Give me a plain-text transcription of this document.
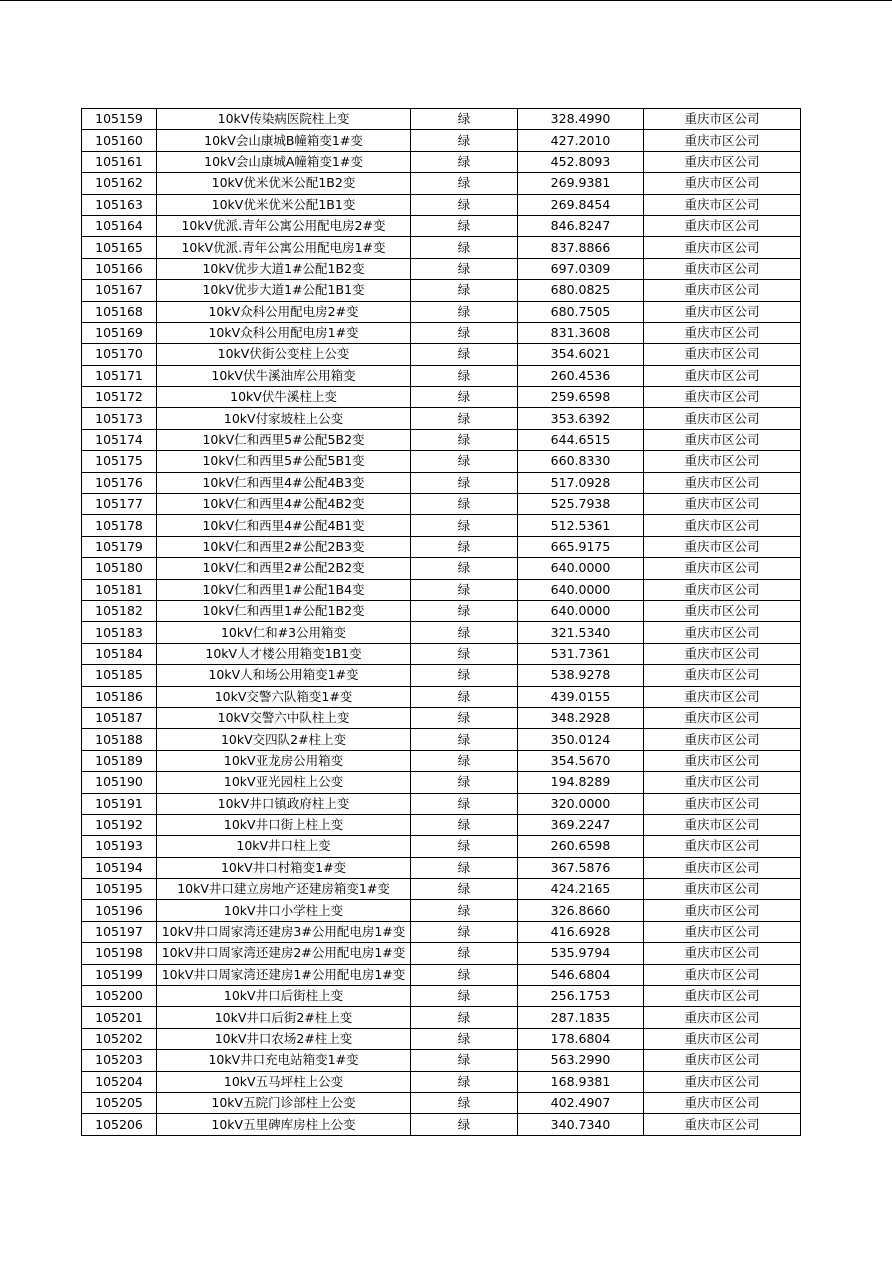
105159	10kV传染病医院柱上变	绿	328.4990	重庆市区公司
105160	10kV会山康城B幢箱变1#变	绿	427.2010	重庆市区公司
105161	10kV会山康城A幢箱变1#变	绿	452.8093	重庆市区公司
105162	10kV优米优米公配1B2变	绿	269.9381	重庆市区公司
105163	10kV优米优米公配1B1变	绿	269.8454	重庆市区公司
105164	10kV优派.青年公寓公用配电房2#变	绿	846.8247	重庆市区公司
105165	10kV优派.青年公寓公用配电房1#变	绿	837.8866	重庆市区公司
105166	10kV优步大道1#公配1B2变	绿	697.0309	重庆市区公司
105167	10kV优步大道1#公配1B1变	绿	680.0825	重庆市区公司
105168	10kV众科公用配电房2#变	绿	680.7505	重庆市区公司
105169	10kV众科公用配电房1#变	绿	831.3608	重庆市区公司
105170	10kV伏街公变柱上公变	绿	354.6021	重庆市区公司
105171	10kV伏牛溪油库公用箱变	绿	260.4536	重庆市区公司
105172	10kV伏牛溪柱上变	绿	259.6598	重庆市区公司
105173	10kV付家坡柱上公变	绿	353.6392	重庆市区公司
105174	10kV仁和西里5#公配5B2变	绿	644.6515	重庆市区公司
105175	10kV仁和西里5#公配5B1变	绿	660.8330	重庆市区公司
105176	10kV仁和西里4#公配4B3变	绿	517.0928	重庆市区公司
105177	10kV仁和西里4#公配4B2变	绿	525.7938	重庆市区公司
105178	10kV仁和西里4#公配4B1变	绿	512.5361	重庆市区公司
105179	10kV仁和西里2#公配2B3变	绿	665.9175	重庆市区公司
105180	10kV仁和西里2#公配2B2变	绿	640.0000	重庆市区公司
105181	10kV仁和西里1#公配1B4变	绿	640.0000	重庆市区公司
105182	10kV仁和西里1#公配1B2变	绿	640.0000	重庆市区公司
105183	10kV仁和#3公用箱变	绿	321.5340	重庆市区公司
105184	10kV人才楼公用箱变1B1变	绿	531.7361	重庆市区公司
105185	10kV人和场公用箱变1#变	绿	538.9278	重庆市区公司
105186	10kV交警六队箱变1#变	绿	439.0155	重庆市区公司
105187	10kV交警六中队柱上变	绿	348.2928	重庆市区公司
105188	10kV交四队2#柱上变	绿	350.0124	重庆市区公司
105189	10kV亚龙房公用箱变	绿	354.5670	重庆市区公司
105190	10kV亚光园柱上公变	绿	194.8289	重庆市区公司
105191	10kV井口镇政府柱上变	绿	320.0000	重庆市区公司
105192	10kV井口街上柱上变	绿	369.2247	重庆市区公司
105193	10kV井口柱上变	绿	260.6598	重庆市区公司
105194	10kV井口村箱变1#变	绿	367.5876	重庆市区公司
105195	10kV井口建立房地产还建房箱变1#变	绿	424.2165	重庆市区公司
105196	10kV井口小学柱上变	绿	326.8660	重庆市区公司
105197	10kV井口周家湾还建房3#公用配电房1#变	绿	416.6928	重庆市区公司
105198	10kV井口周家湾还建房2#公用配电房1#变	绿	535.9794	重庆市区公司
105199	10kV井口周家湾还建房1#公用配电房1#变	绿	546.6804	重庆市区公司
105200	10kV井口后街柱上变	绿	256.1753	重庆市区公司
105201	10kV井口后街2#柱上变	绿	287.1835	重庆市区公司
105202	10kV井口农场2#柱上变	绿	178.6804	重庆市区公司
105203	10kV井口充电站箱变1#变	绿	563.2990	重庆市区公司
105204	10kV五马坪柱上公变	绿	168.9381	重庆市区公司
105205	10kV五院门诊部柱上公变	绿	402.4907	重庆市区公司
105206	10kV五里碑库房柱上公变	绿	340.7340	重庆市区公司
